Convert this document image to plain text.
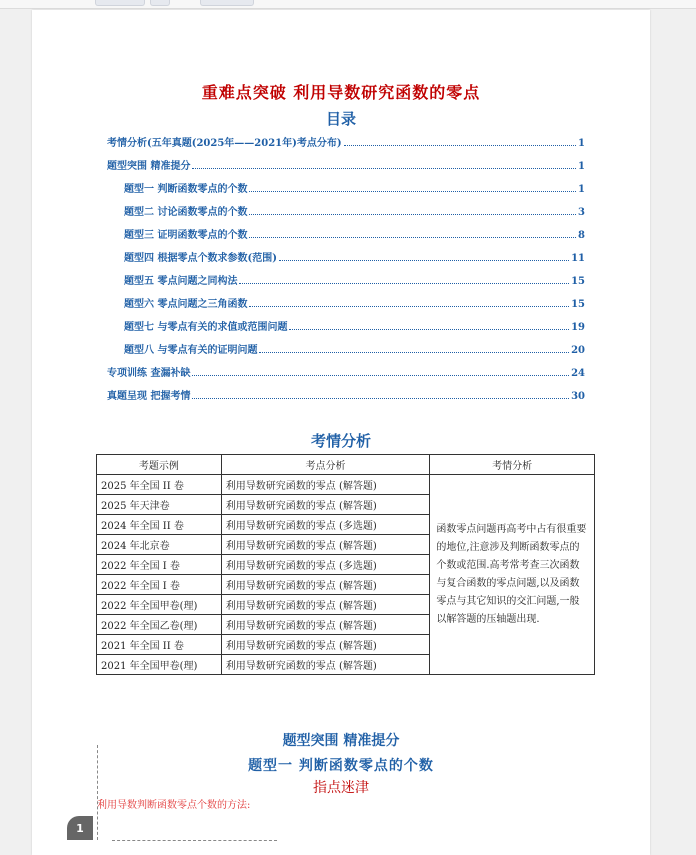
重难点突破 利用导数研究函数的零点
目录
考情分析(五年真题(2025年——2021年)考点分布)	1
题型突围 精准提分	1
题型一 判断函数零点的个数	1
题型二 讨论函数零点的个数	3
题型三 证明函数零点的个数	8
题型四 根据零点个数求参数(范围)	11
题型五 零点问题之同构法	15
题型六 零点问题之三角函数	15
题型七 与零点有关的求值或范围问题	19
题型八 与零点有关的证明问题	20
专项训练 查漏补缺	24
真题呈现 把握考情	30
考情分析
考题示例	考点分析	考情分析
2025 年全国 II 卷	利用导数研究函数的零点 (解答题)	函数零点问题再高考中占有很重要的地位,注意涉及判断函数零点的个数或范围.高考常考查三次函数与复合函数的零点问题,以及函数零点与其它知识的交汇问题,一般以解答题的压轴题出现.
2025 年天津卷	利用导数研究函数的零点 (解答题)	
2024 年全国 II 卷	利用导数研究函数的零点 (多选题)	
2024 年北京卷	利用导数研究函数的零点 (解答题)	
2022 年全国 I 卷	利用导数研究函数的零点 (多选题)	
2022 年全国 I 卷	利用导数研究函数的零点 (解答题)	
2022 年全国甲卷(理)	利用导数研究函数的零点 (解答题)	
2022 年全国乙卷(理)	利用导数研究函数的零点 (解答题)	
2021 年全国 II 卷	利用导数研究函数的零点 (解答题)	
2021 年全国甲卷(理)	利用导数研究函数的零点 (解答题)	
题型突围 精准提分
题型一 判断函数零点的个数
指点迷津
利用导数判断函数零点个数的方法:
1
